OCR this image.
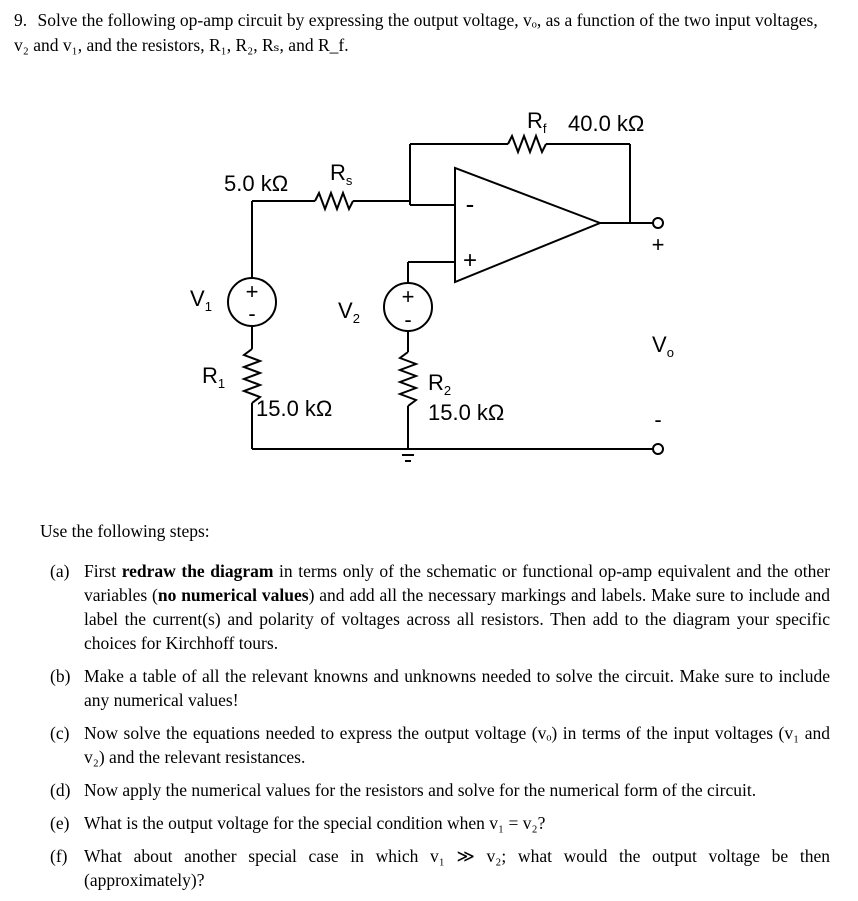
9. Solve the following op-amp circuit by expressing the output voltage, vₒ, as a function of the two input voltages, v₂ and v₁, and the resistors, R₁, R₂, Rₛ, and R_f.
-
+
+
-
+
-
+
-
$R_f$ 40.0 kΩ
$R_s$
5.0 kΩ
$V_1$	$V_2$
$V_o$
$R_1$
15.0 kΩ
$R_2$
15.0 kΩ
Use the following steps:
(a) First redraw the diagram in terms only of the schematic or functional op-amp equivalent and the other variables (no numerical values) and add all the necessary markings and labels. Make sure to include and label the current(s) and polarity of voltages across all resistors. Then add to the diagram your specific choices for Kirchhoff tours.
(b) Make a table of all the relevant knowns and unknowns needed to solve the circuit. Make sure to include any numerical values!
(c) Now solve the equations needed to express the output voltage (vₒ) in terms of the input voltages (v₁ and v₂) and the relevant resistances.
(d) Now apply the numerical values for the resistors and solve for the numerical form of the circuit.
(e) What is the output voltage for the special condition when v₁ = v₂?
(f) What about another special case in which v₁ ≫ v₂; what would the output voltage be then (approximately)?
